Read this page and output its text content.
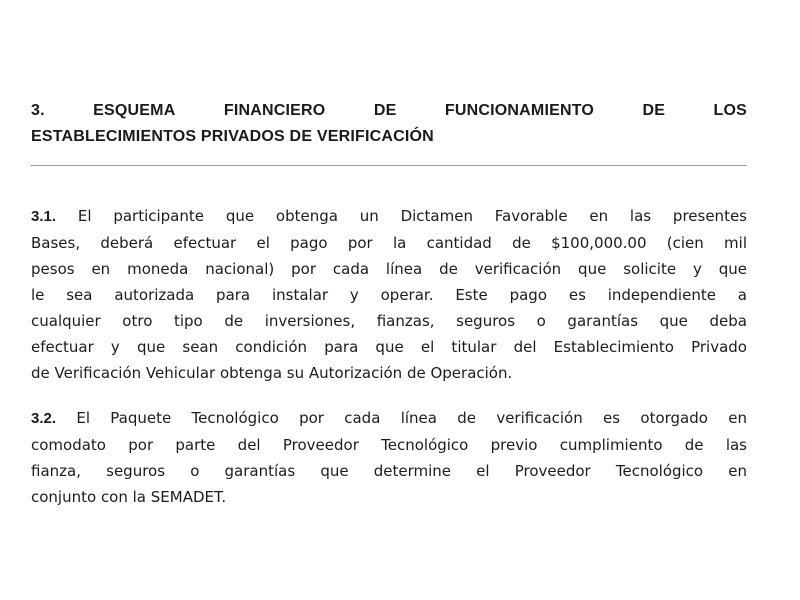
3.	ESQUEMA	FINANCIERO	DE	FUNCIONAMIENTO	DE	LOS
ESTABLECIMIENTOS PRIVADOS DE VERIFICACIÓN
3.1. El participante que obtenga un Dictamen Favorable en las presentes
Bases, deberá efectuar el pago por la cantidad de $100,000.00 (cien mil
pesos en moneda nacional) por cada línea de verificación que solicite y que
le sea autorizada para instalar y operar. Este pago es independiente a
cualquier otro tipo de inversiones, fianzas, seguros o garantías que deba
efectuar y que sean condición para que el titular del Establecimiento Privado
de Verificación Vehicular obtenga su Autorización de Operación.
3.2. El Paquete Tecnológico por cada línea de verificación es otorgado en
comodato por parte del Proveedor Tecnológico previo cumplimiento de las
fianza, seguros o garantías que determine el Proveedor Tecnológico en
conjunto con la SEMADET.
